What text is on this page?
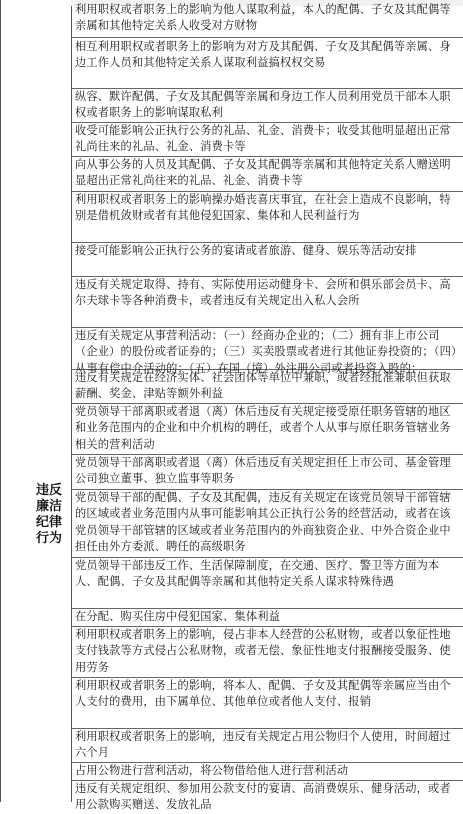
违反
廉洁
纪律
行为
利用职权或者职务上的影响为他人谋取利益，本人的配偶、子女及其配偶等亲属和其他特定关系人收受对方财物
相互利用职权或者职务上的影响为对方及其配偶、子女及其配偶等亲属、身边工作人员和其他特定关系人谋取利益搞权权交易
纵容、默许配偶、子女及其配偶等亲属和身边工作人员利用党员干部本人职权或者职务上的影响谋取私利
收受可能影响公正执行公务的礼品、礼金、消费卡；收受其他明显超出正常礼尚往来的礼品、礼金、消费卡等
向从事公务的人员及其配偶、子女及其配偶等亲属和其他特定关系人赠送明显超出正常礼尚往来的礼品、礼金、消费卡等
利用职权或者职务上的影响操办婚丧喜庆事宜，在社会上造成不良影响，特别是借机敛财或者有其他侵犯国家、集体和人民利益行为
接受可能影响公正执行公务的宴请或者旅游、健身、娱乐等活动安排
违反有关规定取得、持有、实际使用运动健身卡、会所和俱乐部会员卡、高尔夫球卡等各种消费卡，或者违反有关规定出入私人会所
违反有关规定从事营利活动：（一）经商办企业的；（二）拥有非上市公司（企业）的股份或者证券的；（三）买卖股票或者进行其他证券投资的；（四）从事有偿中介活动的；（五）在国（境）外注册公司或者投资入股的；
违反有关规定在经济实体、社会团体等单位中兼职，或者经批准兼职但获取薪酬、奖金、津贴等额外利益
党员领导干部离职或者退（离）休后违反有关规定接受原任职务管辖的地区和业务范围内的企业和中介机构的聘任，或者个人从事与原任职务管辖业务相关的营利活动
党员领导干部离职或者退（离）休后违反有关规定担任上市公司、基金管理公司独立董事、独立监事等职务
党员领导干部的配偶、子女及其配偶，违反有关规定在该党员领导干部管辖的区域或者业务范围内从事可能影响其公正执行公务的经营活动，或者在该党员领导干部管辖的区域或者业务范围内的外商独资企业、中外合资企业中担任由外方委派、聘任的高级职务
党员领导干部违反工作、生活保障制度，在交通、医疗、警卫等方面为本人、配偶、子女及其配偶等亲属和其他特定关系人谋求特殊待遇
在分配、购买住房中侵犯国家、集体利益
利用职权或者职务上的影响，侵占非本人经营的公私财物，或者以象征性地支付钱款等方式侵占公私财物，或者无偿、象征性地支付报酬接受服务、使用劳务
利用职权或者职务上的影响，将本人、配偶、子女及其配偶等亲属应当由个人支付的费用，由下属单位、其他单位或者他人支付、报销
利用职权或者职务上的影响，违反有关规定占用公物归个人使用，时间超过六个月
占用公物进行营利活动，将公物借给他人进行营利活动
违反有关规定组织、参加用公款支付的宴请、高消费娱乐、健身活动，或者用公款购买赠送、发放礼品
